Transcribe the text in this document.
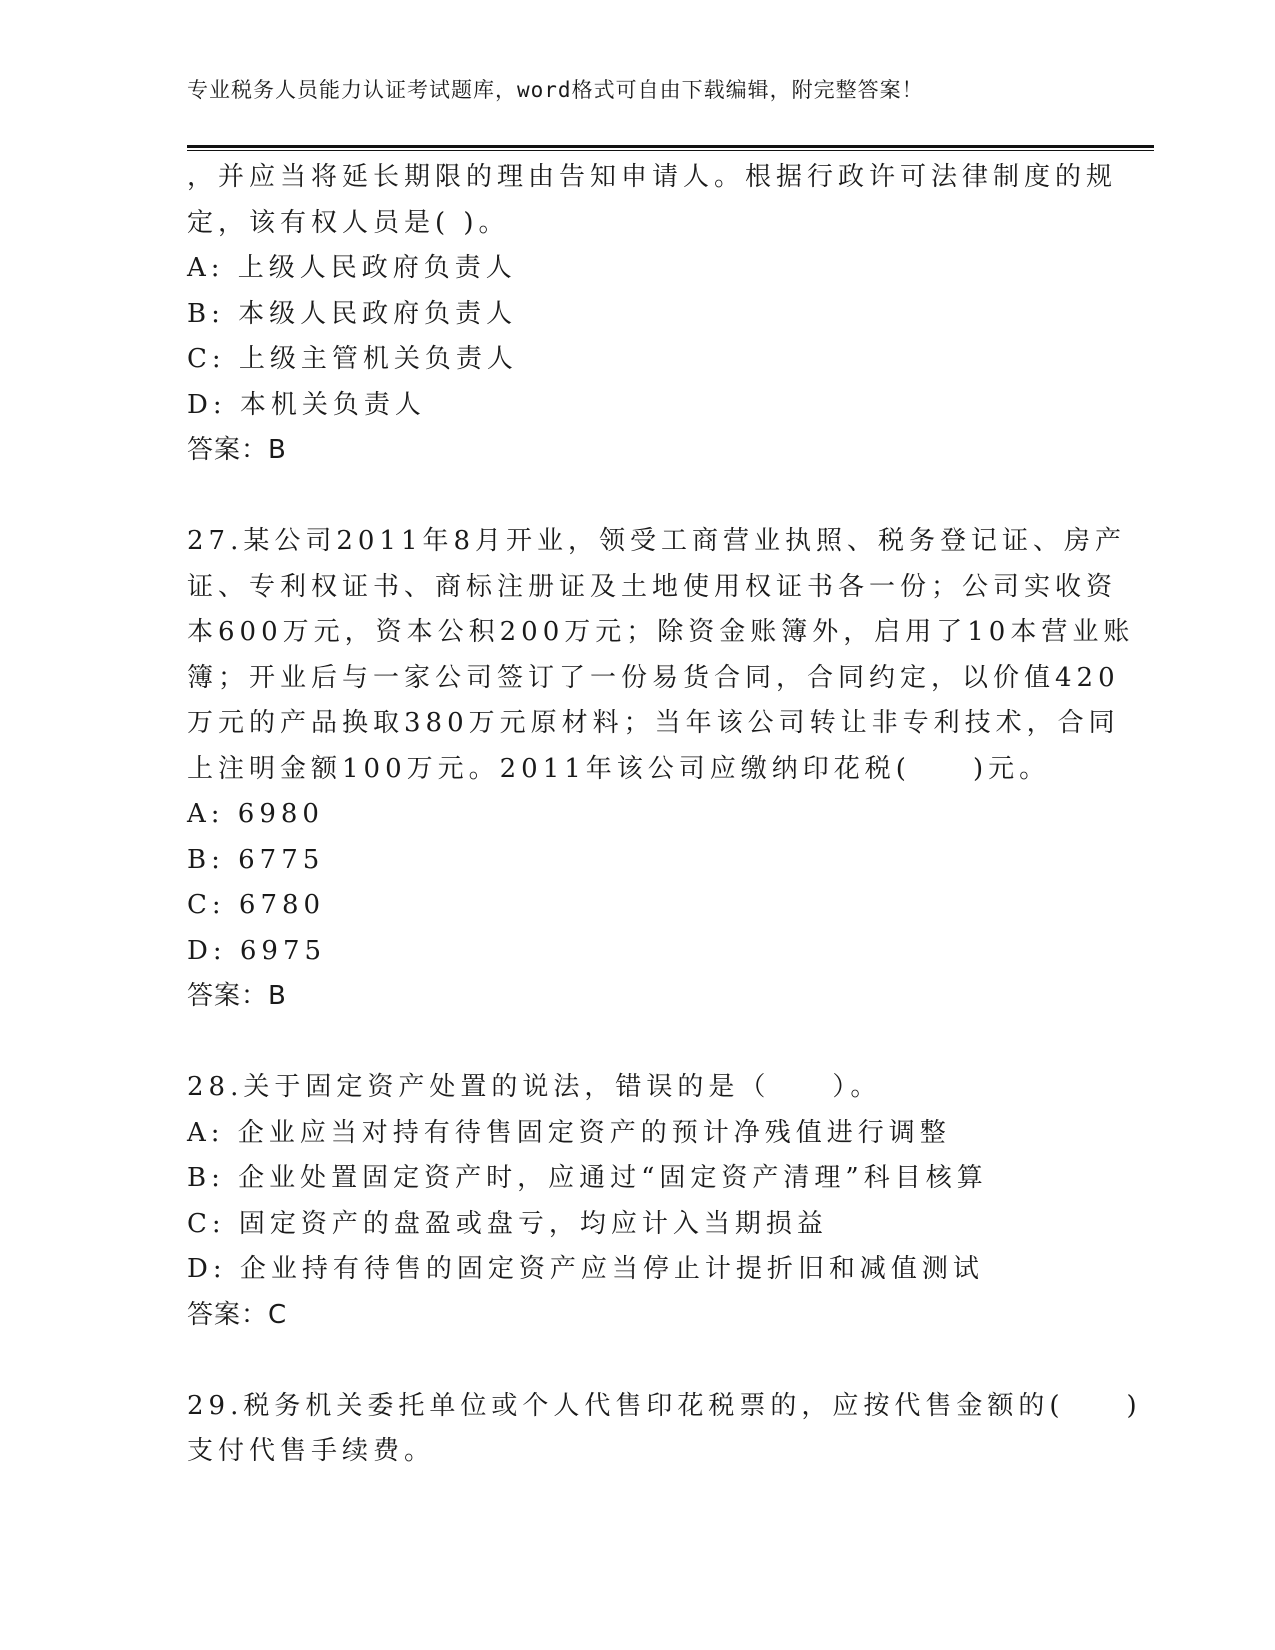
专业税务人员能力认证考试题库，word格式可自由下载编辑，附完整答案！
，并应当将延长期限的理由告知申请人。根据行政许可法律制度的规
定，该有权人员是( )。
A: 上级人民政府负责人
B: 本级人民政府负责人
C: 上级主管机关负责人
D: 本机关负责人
答案：B
27.某公司2011年8月开业，领受工商营业执照、税务登记证、房产
证、专利权证书、商标注册证及土地使用权证书各一份；公司实收资
本600万元，资本公积200万元；除资金账簿外，启用了10本营业账
簿；开业后与一家公司签订了一份易货合同，合同约定，以价值420
万元的产品换取380万元原材料；当年该公司转让非专利技术，合同
上注明金额100万元。2011年该公司应缴纳印花税(　　)元。
A: 6980
B: 6775
C: 6780
D: 6975
答案：B
28.关于固定资产处置的说法，错误的是（　　）。
A: 企业应当对持有待售固定资产的预计净残值进行调整
B: 企业处置固定资产时，应通过“固定资产清理”科目核算
C: 固定资产的盘盈或盘亏，均应计入当期损益
D: 企业持有待售的固定资产应当停止计提折旧和减值测试
答案：C
29.税务机关委托单位或个人代售印花税票的，应按代售金额的(　　)
支付代售手续费。
